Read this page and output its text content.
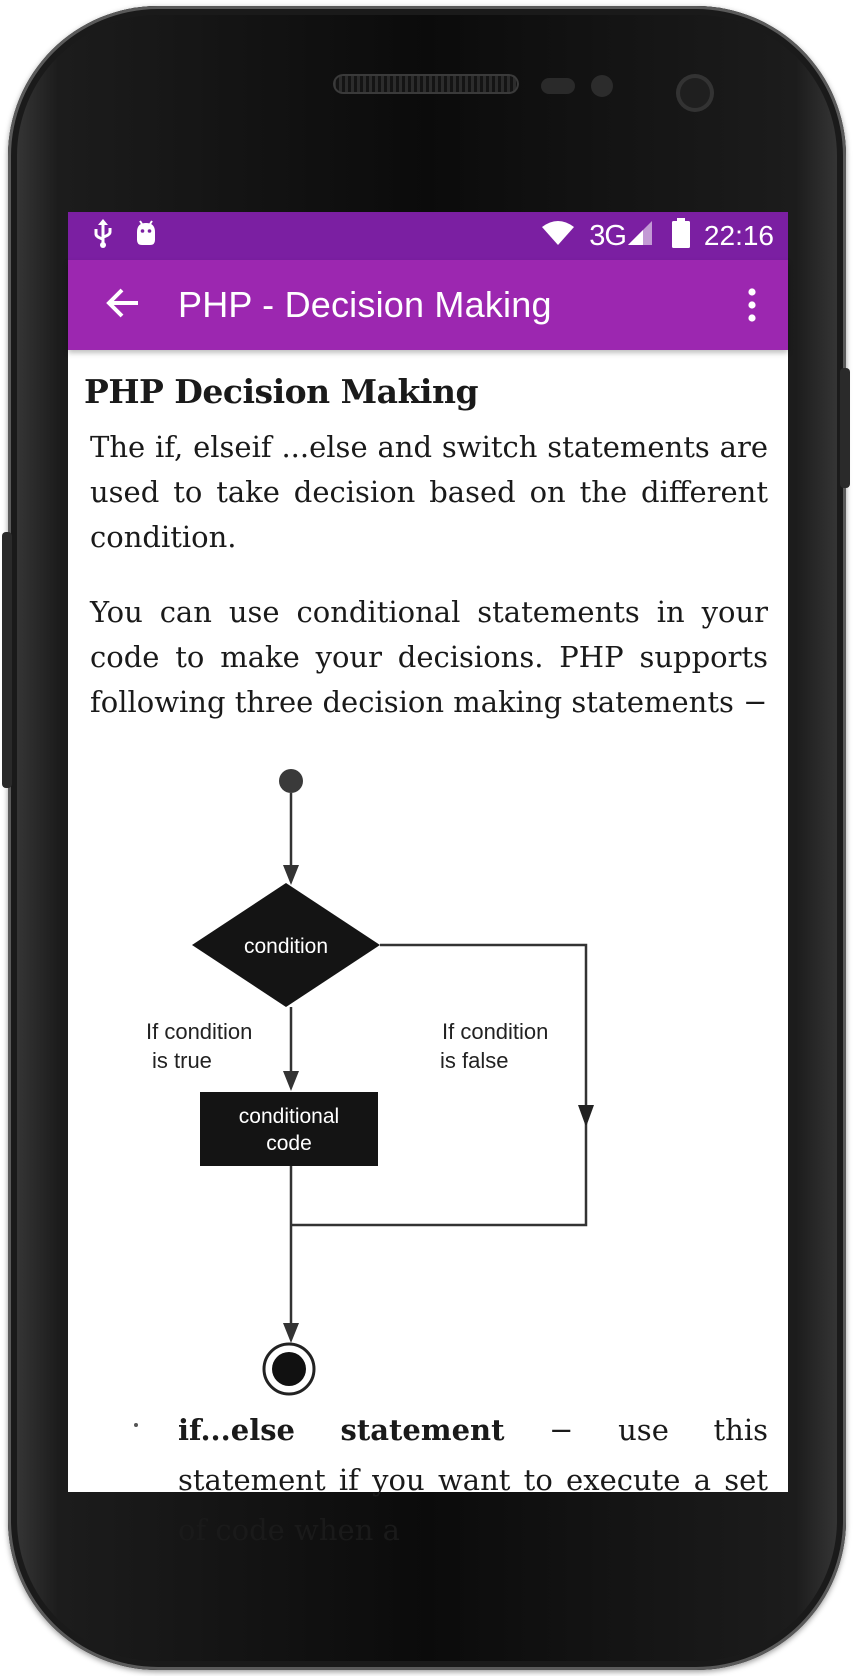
3G	22:16
PHP - Decision Making
PHP Decision Making

The if, elseif ...else and switch statements are used to take decision based on the different condition.

You can use conditional statements in your code to make your decisions. PHP supports following three decision making statements −

condition
conditional
code
If condition
is true
If condition
is false
if...else statement − use this statement if you want to execute a set of code when a
